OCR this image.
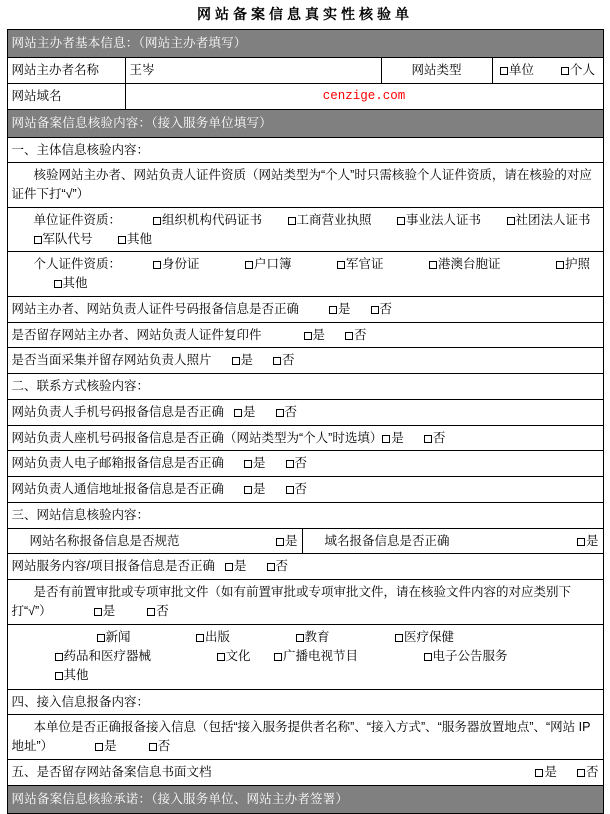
网站备案信息真实性核验单
网站主办者基本信息：（网站主办者填写）				
网站主办者名称	王岑		网站类型	单位 个人
网站域名	cenzige.com			
网站备案信息核验内容：（接入服务单位填写）				
一、主体信息核验内容：				
核验网站主办者、网站负责人证件资质（网站类型为“个人”时只需核验个人证件资质，请在核验的对应证件下打“√”）				
单位证件资质： 组织机构代码证书 工商营业执照 事业法人证书 社团法人证书 军队代号 其他				
个人证件资质： 身份证 户口簿 军官证 港澳台胞证 护照 其他				
网站主办者、网站负责人证件号码报备信息是否正确 是 否				
是否留存网站主办者、网站负责人证件复印件 是 否				
是否当面采集并留存网站负责人照片 是 否				
二、联系方式核验内容：				
网站负责人手机号码报备信息是否正确 是 否				
网站负责人座机号码报备信息是否正确（网站类型为“个人”时选填） 是 否				
网站负责人电子邮箱报备信息是否正确 是 否				
网站负责人通信地址报备信息是否正确 是 否				
三、网站信息核验内容：				

网站名称报备信息是否规范 是		域名报备信息是否正确 是		

网站服务内容/项目报备信息是否正确 是 否				
是否有前置审批或专项审批文件（如有前置审批或专项审批文件，请在核验文件内容的对应类别下打“√”） 是 否				
新闻 出版 教育 医疗保健 药品和医疗器械 文化 广播电视节目 电子公告服务 其他				
四、接入信息报备内容：				
本单位是否正确报备接入信息（包括“接入服务提供者名称”、“接入方式”、“服务器放置地点”、“网站 IP 地址”） 是 否				

五、是否留存网站备案信息书面文档 是 否				

网站备案信息核验承诺：（接入服务单位、网站主办者签署）				
